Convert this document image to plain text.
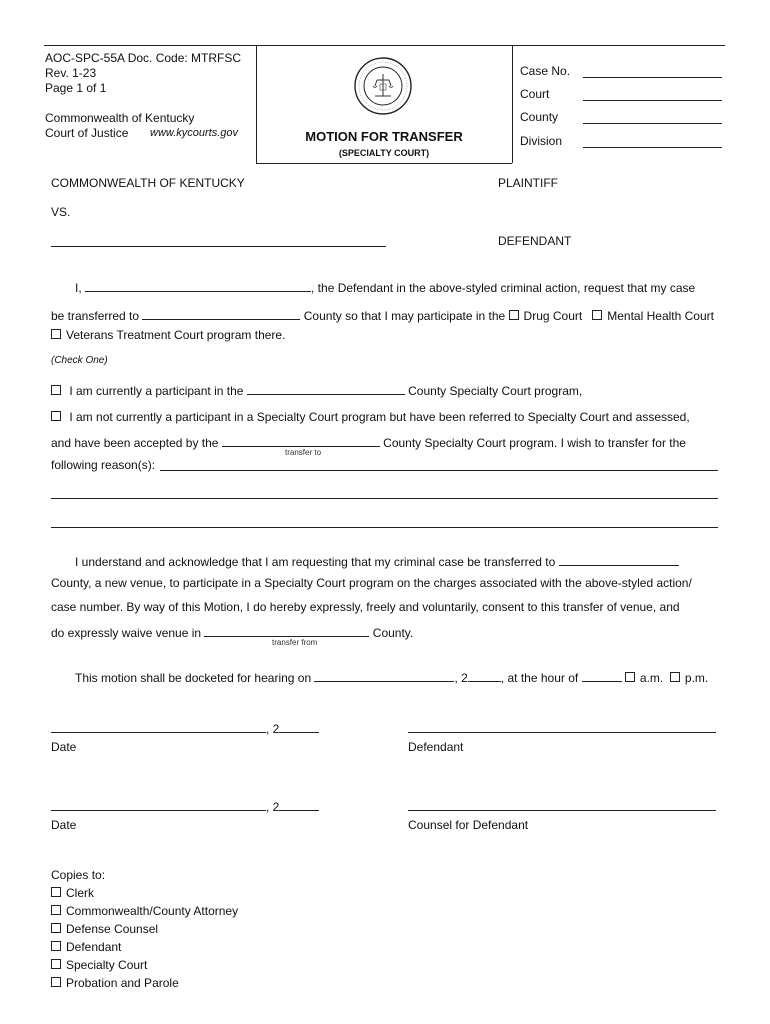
AOC-SPC-55A Doc. Code: MTRFSC
Rev. 1-23
Page 1 of 1
Commonwealth of Kentucky
Court of Justice www.kycourts.gov	MOTION FOR TRANSFER
(SPECIALTY COURT)
Case No.
Court
County
Division
COMMONWEALTH OF KENTUCKY	PLAINTIFF
VS.
DEFENDANT
I,	, the Defendant in the above-styled criminal action, request that my case
be transferred to	County so that I may participate in the Drug Court Mental Health Court
Veterans Treatment Court program there.
(Check One)
I am currently a participant in the	County Specialty Court program,
I am not currently a participant in a Specialty Court program but have been referred to Specialty Court and assessed,
and have been accepted by the	County Specialty Court program. I wish to transfer for the
transfer to
following reason(s):
I understand and acknowledge that I am requesting that my criminal case be transferred to
County, a new venue, to participate in a Specialty Court program on the charges associated with the above-styled action/
case number. By way of this Motion, I do hereby expressly, freely and voluntarily, consent to this transfer of venue, and
do expressly waive venue in	County.
transfer from
This motion shall be docketed for hearing on	, 2	, at the hour of	a.m. p.m.
, 2
Date	Defendant
, 2
Date	Counsel for Defendant
Copies to:
Clerk
Commonwealth/County Attorney
Defense Counsel
Defendant
Specialty Court
Probation and Parole
